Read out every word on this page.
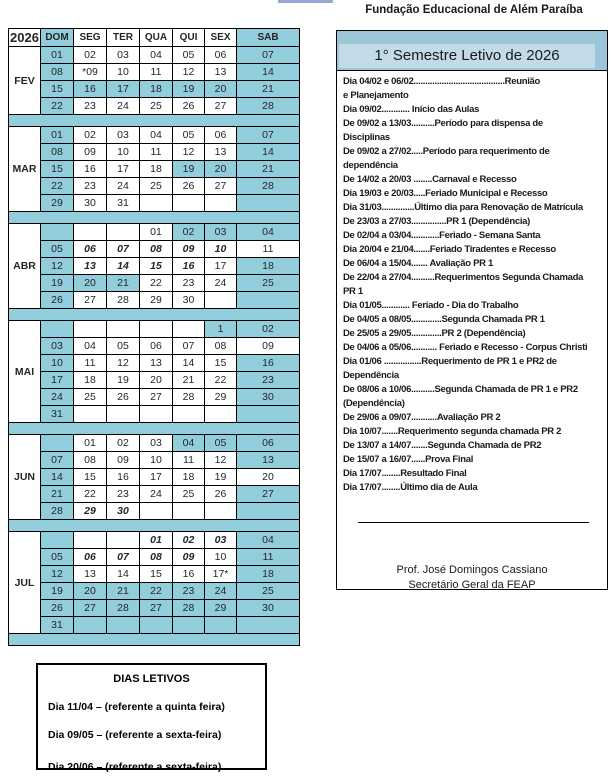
Fundação Educacional de Além Paraíba
2026	DOM	SEG	TER	QUA	QUI	SEX	SAB
FEV	01	02	03	04	05	06	07
	08	*09	10	11	12	13	14
	15	16	17	18	19	20	21
	22	23	24	25	26	27	28

MAR	01	02	03	04	05	06	07
	08	09	10	11	12	13	14
	15	16	17	18	19	20	21
	22	23	24	25	26	27	28
	29	30	31				

ABR				01	02	03	04
	05	06	07	08	09	10	11
	12	13	14	15	16	17	18
	19	20	21	22	23	24	25
	26	27	28	29	30		

MAI						1	02
	03	04	05	06	07	08	09
	10	11	12	13	14	15	16
	17	18	19	20	21	22	23
	24	25	26	27	28	29	30
	31						

JUN		01	02	03	04	05	06
	07	08	09	10	11	12	13
	14	15	16	17	18	19	20
	21	22	23	24	25	26	27
	28	29	30				

JUL				01	02	03	04
	05	06	07	08	09	10	11
	12	13	14	15	16	17*	18
	19	20	21	22	23	24	25
	26	27	28	27	28	29	30
	31						

1° Semestre Letivo de 2026
Dia 04/02 e 06/02.......................................Reunião
e Planejamento
Dia 09/02............ Início das Aulas
De 09/02 a 13/03..........Período para dispensa de
Disciplinas
De 09/02 a 27/02.....Período para requerimento de
dependência
De 14/02 a 20/03 ........Carnaval e Recesso
Dia 19/03 e 20/03.....Feriado Municipal e Recesso
Dia 31/03..............Último dia para Renovação de Matrícula
De 23/03 a 27/03...............PR 1 (Dependência)
De 02/04 a 03/04............Feriado - Semana Santa
Dia 20/04 e 21/04.......Feriado Tiradentes e Recesso
De 06/04 a 15/04....... Avaliação PR 1
De 22/04 a 27/04..........Requerimentos Segunda Chamada
PR 1
Dia 01/05............ Feriado - Dia do Trabalho
De 04/05 a 08/05.............Segunda Chamada PR 1
De 25/05 a 29/05.............PR 2 (Dependência)
De 04/06 a 05/06........... Feriado e Recesso - Corpus Christi
Dia 01/06 ................Requerimento de PR 1 e PR2 de
Dependência
De 08/06 a 10/06..........Segunda Chamada de PR 1 e PR2
(Dependência)
De 29/06 a 09/07...........Avaliação PR 2
Dia 10/07.......Requerimento segunda chamada PR 2
De 13/07 a 14/07.......Segunda Chamada de PR2
De 15/07 a 16/07......Prova Final
Dia 17/07........Resultado Final
Dia 17/07........Último dia de Aula
Prof. José Domingos Cassiano
Secretário Geral da FEAP
DIAS LETIVOS
Dia 11/04 – (referente a quinta feira)
Dia 09/05 – (referente a sexta-feira)
Dia 20/06 – (referente a sexta-feira)
